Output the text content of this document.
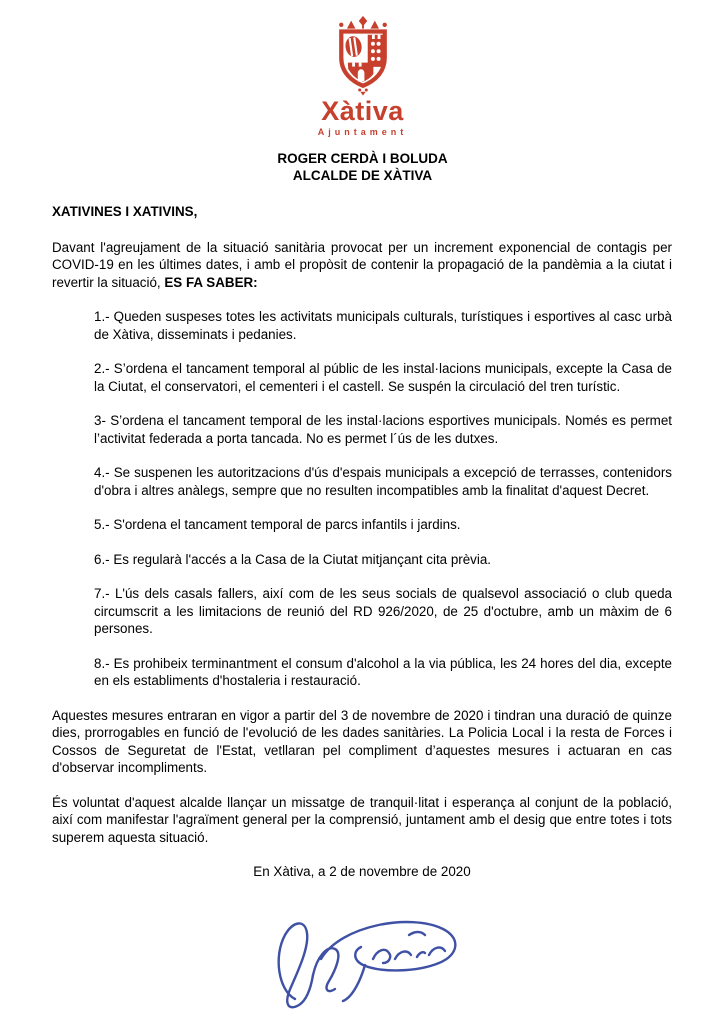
Xàtiva
Ajuntament
ROGER CERDÀ I BOLUDA
ALCALDE DE XÀTIVA

XATIVINES I XATIVINS,

Davant l'agreujament de la situació sanitària provocat per un increment exponencial de contagis per COVID-19 en les últimes dates, i amb el propòsit de contenir la propagació de la pandèmia a la ciutat i revertir la situació, ES FA SABER:

1.- Queden suspeses totes les activitats municipals culturals, turístiques i esportives al casc urbà de Xàtiva, disseminats i pedanies.

2.- S’ordena el tancament temporal al públic de les instal·lacions municipals, excepte la Casa de la Ciutat, el conservatori, el cementeri i el castell. Se suspén la circulació del tren turístic.

3- S’ordena el tancament temporal de les instal·lacions esportives municipals. Només es permet l’activitat federada a porta tancada. No es permet l´ús de les dutxes.

4.- Se suspenen les autoritzacions d'ús d'espais municipals a excepció de terrasses, contenidors d'obra i altres anàlegs, sempre que no resulten incompatibles amb la finalitat d'aquest Decret.

5.- S'ordena el tancament temporal de parcs infantils i jardins.

6.- Es regularà l'accés a la Casa de la Ciutat mitjançant cita prèvia.

7.- L'ús dels casals fallers, així com de les seus socials de qualsevol associació o club queda circumscrit a les limitacions de reunió del RD 926/2020, de 25 d'octubre, amb un màxim de 6 persones.

8.- Es prohibeix terminantment el consum d'alcohol a la via pública, les 24 hores del dia, excepte en els establiments d'hostaleria i restauració.

Aquestes mesures entraran en vigor a partir del 3 de novembre de 2020 i tindran una duració de quinze dies, prorrogables en funció de l'evolució de les dades sanitàries. La Policia Local i la resta de Forces i Cossos de Seguretat de l'Estat, vetllaran pel compliment d’aquestes mesures i actuaran en cas d'observar incompliments.

És voluntat d'aquest alcalde llançar un missatge de tranquil·litat i esperança al conjunt de la població, així com manifestar l'agraïment general per la comprensió, juntament amb el desig que entre totes i tots superem aquesta situació.

En Xàtiva, a 2 de novembre de 2020
